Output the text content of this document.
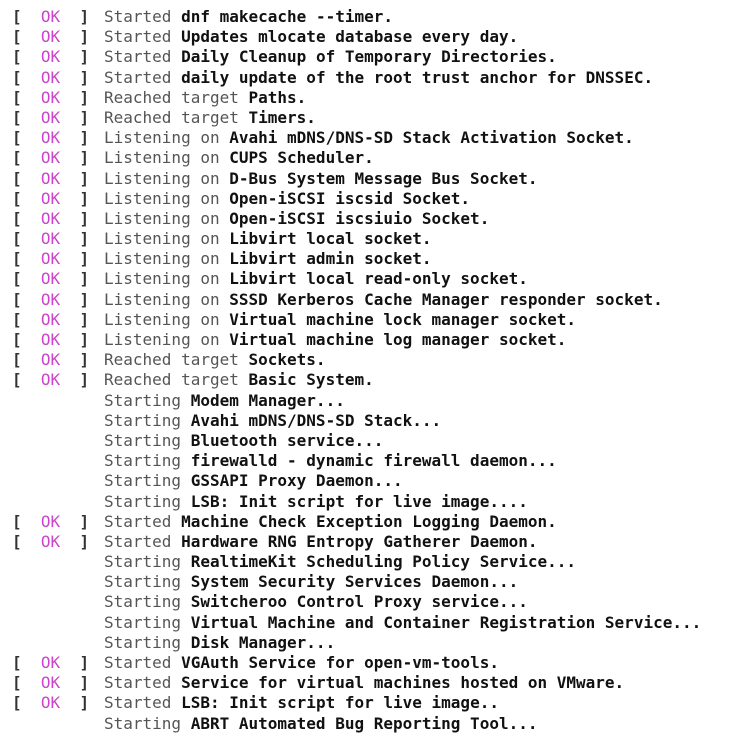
[ OK ] Started dnf makecache --timer.
[ OK ] Started Updates mlocate database every day.
[ OK ] Started Daily Cleanup of Temporary Directories.
[ OK ] Started daily update of the root trust anchor for DNSSEC.
[ OK ] Reached target Paths.
[ OK ] Reached target Timers.
[ OK ] Listening on Avahi mDNS/DNS-SD Stack Activation Socket.
[ OK ] Listening on CUPS Scheduler.
[ OK ] Listening on D-Bus System Message Bus Socket.
[ OK ] Listening on Open-iSCSI iscsid Socket.
[ OK ] Listening on Open-iSCSI iscsiuio Socket.
[ OK ] Listening on Libvirt local socket.
[ OK ] Listening on Libvirt admin socket.
[ OK ] Listening on Libvirt local read-only socket.
[ OK ] Listening on SSSD Kerberos Cache Manager responder socket.
[ OK ] Listening on Virtual machine lock manager socket.
[ OK ] Listening on Virtual machine log manager socket.
[ OK ] Reached target Sockets.
[ OK ] Reached target Basic System.
Starting Modem Manager...
Starting Avahi mDNS/DNS-SD Stack...
Starting Bluetooth service...
Starting firewalld - dynamic firewall daemon...
Starting GSSAPI Proxy Daemon...
Starting LSB: Init script for live image....
[ OK ] Started Machine Check Exception Logging Daemon.
[ OK ] Started Hardware RNG Entropy Gatherer Daemon.
Starting RealtimeKit Scheduling Policy Service...
Starting System Security Services Daemon...
Starting Switcheroo Control Proxy service...
Starting Virtual Machine and Container Registration Service...
Starting Disk Manager...
[ OK ] Started VGAuth Service for open-vm-tools.
[ OK ] Started Service for virtual machines hosted on VMware.
[ OK ] Started LSB: Init script for live image..
Starting ABRT Automated Bug Reporting Tool...
